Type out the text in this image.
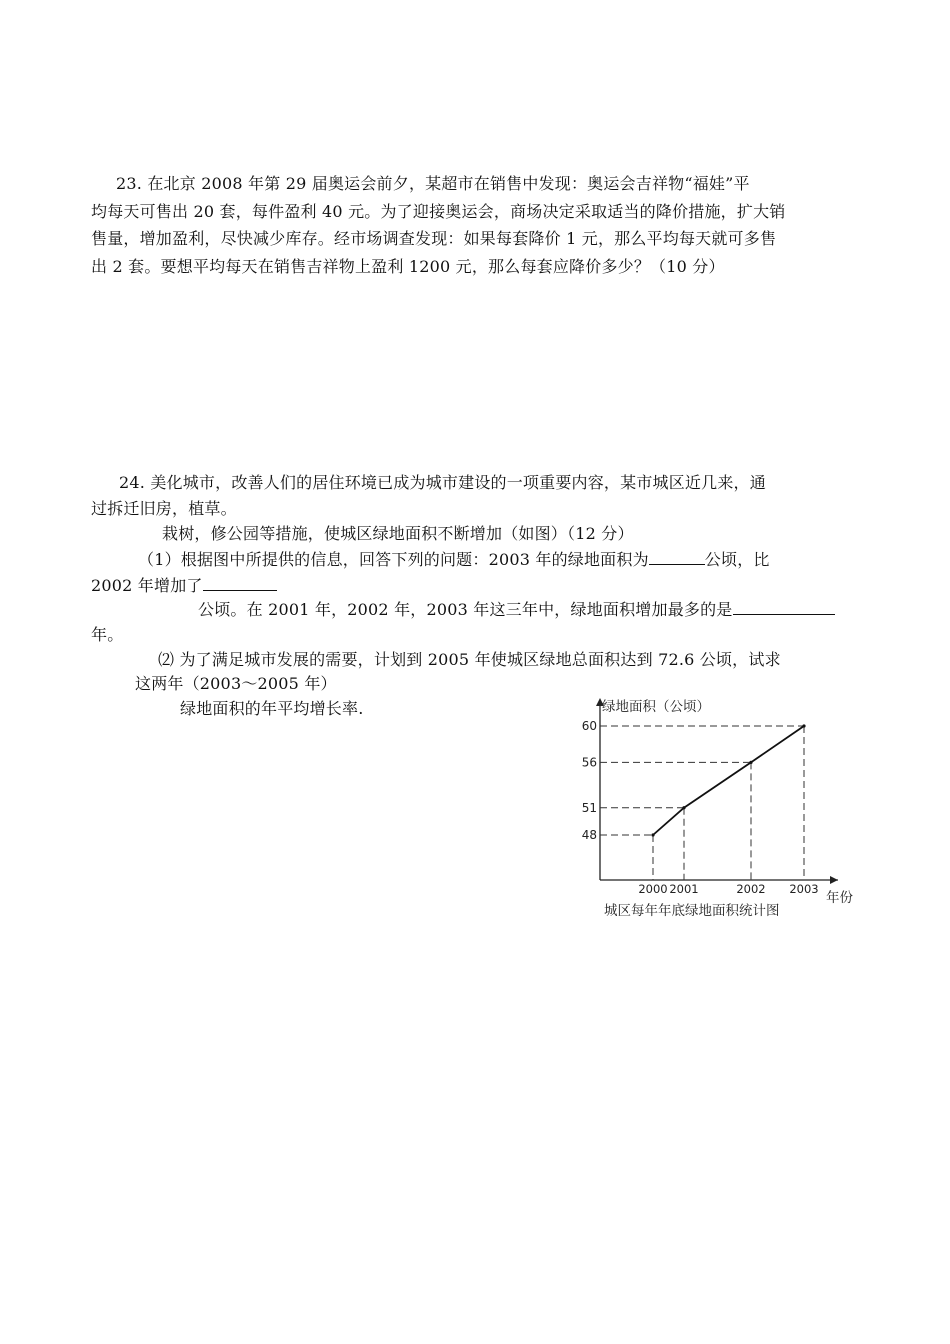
23. 在北京 2008 年第 29 届奥运会前夕，某超市在销售中发现：奥运会吉祥物“福娃”平
均每天可售出 20 套，每件盈利 40 元。为了迎接奥运会，商场决定采取适当的降价措施，扩大销
售量，增加盈利，尽快减少库存。经市场调查发现：如果每套降价 1 元，那么平均每天就可多售
出 2 套。要想平均每天在销售吉祥物上盈利 1200 元，那么每套应降价多少？（10 分）
24. 美化城市，改善人们的居住环境已成为城市建设的一项重要内容，某市城区近几来，通
过拆迁旧房，植草。
栽树，修公园等措施，使城区绿地面积不断增加（如图）（12 分）
（1）根据图中所提供的信息，回答下列的问题：2003 年的绿地面积为	公顷，比
2002 年增加了
公顷。在 2001 年，2002 年，2003 年这三年中，绿地面积增加最多的是
年。
⑵ 为了满足城市发展的需要，计划到 2005 年使城区绿地总面积达到 72.6 公顷，试求
这两年（2003～2005 年）
绿地面积的年平均增长率.
48
51
56
60
2000 2001	2002 2003
绿地面积（公顷）
年份
城区每年年底绿地面积统计图
